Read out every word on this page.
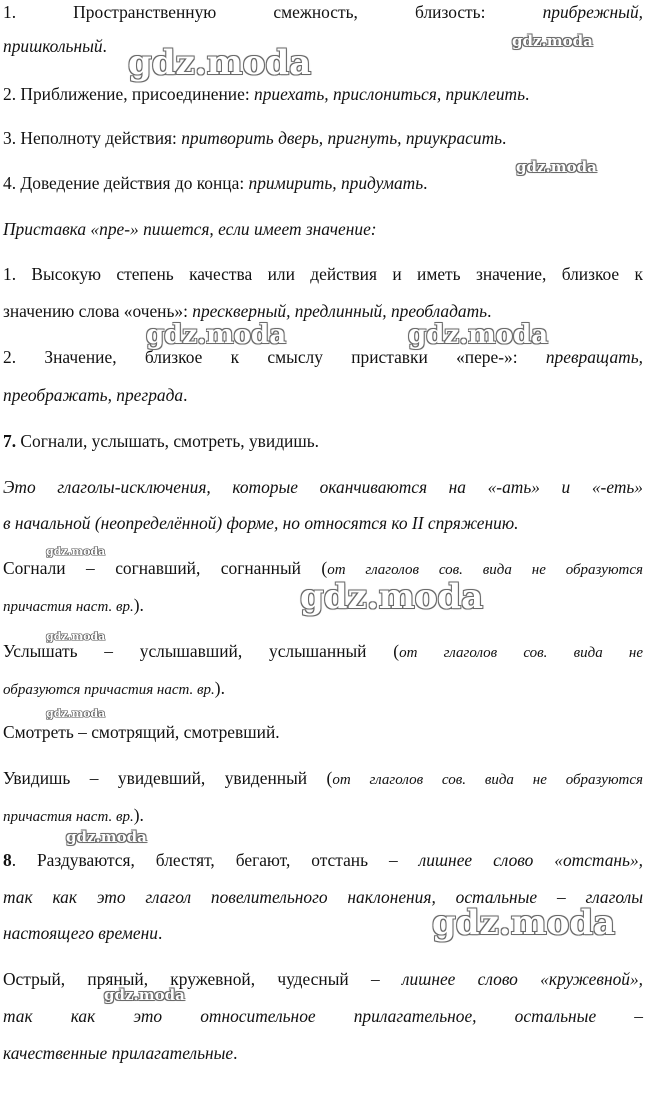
1. Пространственную смежность, близость: прибрежный,
пришкольный.
2. Приближение, присоединение: приехать, прислониться, приклеить.
3. Неполноту действия: притворить дверь, пригнуть, приукрасить.
4. Доведение действия до конца: примирить, придумать.
Приставка «пре-» пишется, если имеет значение:
1. Высокую степень качества или действия и иметь значение, близкое к
значению слова «очень»: прескверный, предлинный, преобладать.
2. Значение, близкое к смыслу приставки «пере-»: превращать,
преображать, преграда.
7. Согнали, услышать, смотреть, увидишь.
Это глаголы-исключения, которые оканчиваются на «-ать» и «-еть»
в начальной (неопределённой) форме, но относятся ко II спряжению.
Согнали – согнавший, согнанный (от глаголов сов. вида не образуются
причастия наст. вр.).
Услышать – услышавший, услышанный (от глаголов сов. вида не
образуются причастия наст. вр.).
Смотреть – смотрящий, смотревший.
Увидишь – увидевший, увиденный (от глаголов сов. вида не образуются
причастия наст. вр.).
8. Раздуваются, блестят, бегают, отстань – лишнее слово «отстань»,
так как это глагол повелительного наклонения, остальные – глаголы
настоящего времени.
Острый, пряный, кружевной, чудесный – лишнее слово «кружевной»,
так как это относительное прилагательное, остальные –
качественные прилагательные.
gdz.moda
gdz.moda
gdz.moda
gdz.moda	gdz.moda
gdz.moda
gdz.moda
gdz.moda
gdz.moda
gdz.moda
gdz.moda
gdz.moda
